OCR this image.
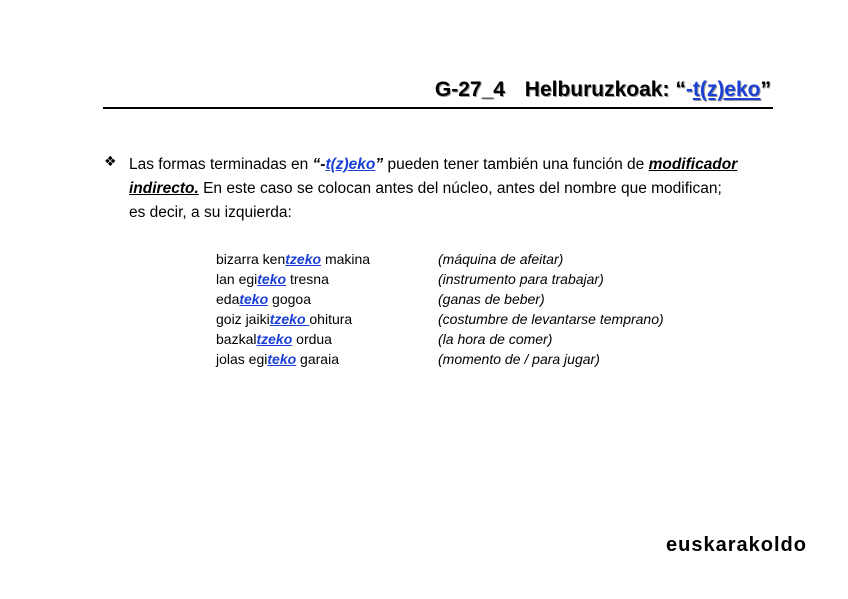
G-27_4 Helburuzkoak: “-t(z)eko”
❖ Las formas terminadas en “-t(z)eko” pueden tener también una función de modificador indirecto. En este caso se colocan antes del núcleo, antes del nombre que modifican; es decir, a su izquierda:
bizarra kentzeko makina	(máquina de afeitar)
lan egiteko tresna	(instrumento para trabajar)
edateko gogoa	(ganas de beber)
goiz jaikitzeko ohitura	(costumbre de levantarse temprano)
bazkaltzeko ordua	(la hora de comer)
jolas egiteko garaia	(momento de / para jugar)
euskarakoldo
